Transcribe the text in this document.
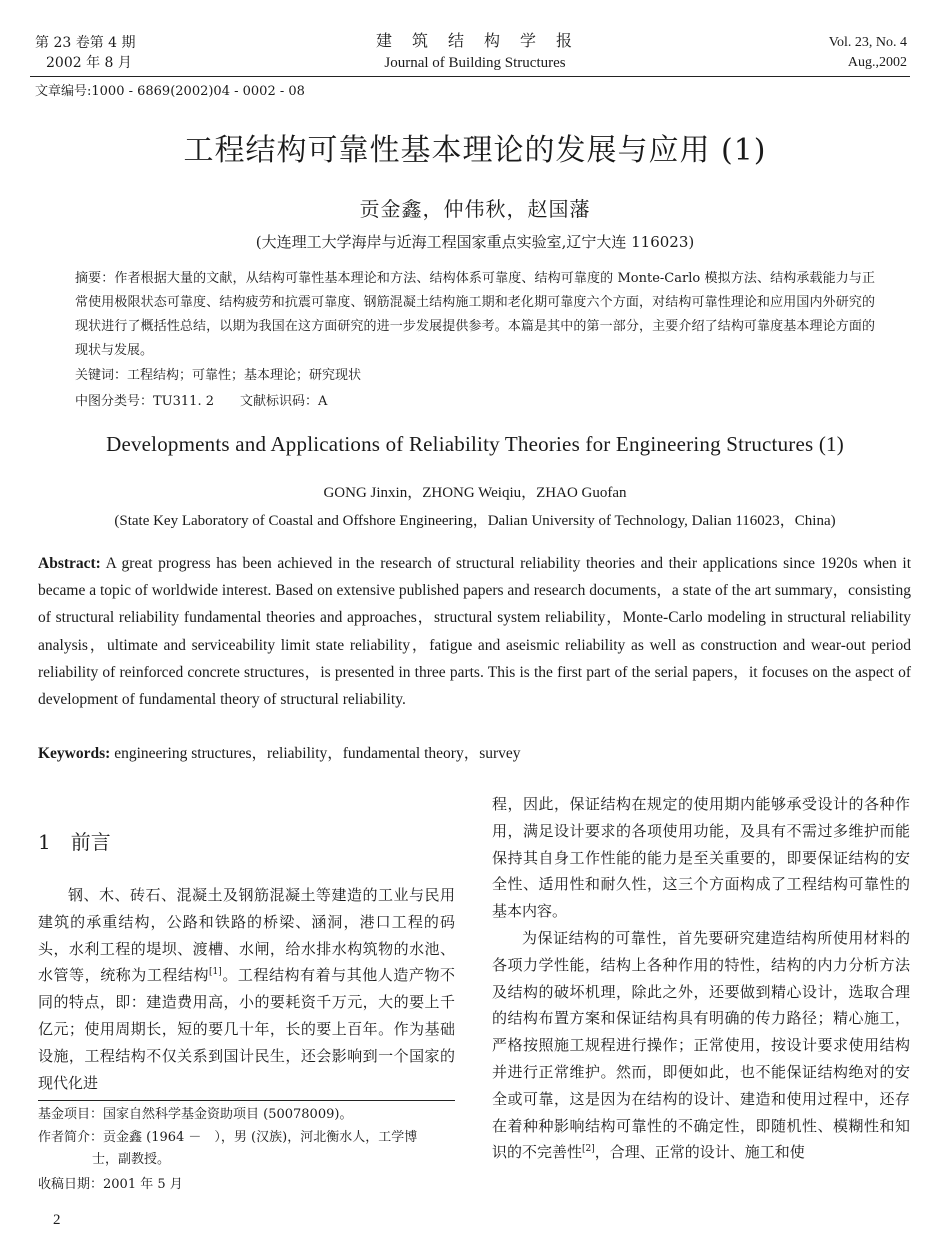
第 23 卷第 4 期
2002 年 8 月
建　筑　结　构　学　报
Journal of Building Structures
Vol. 23, No. 4
Aug.,2002
文章编号:1000 - 6869(2002)04 - 0002 - 08
工程结构可靠性基本理论的发展与应用 (1)
贡金鑫，仲伟秋，赵国藩
(大连理工大学海岸与近海工程国家重点实验室,辽宁大连 116023)
摘要：作者根据大量的文献，从结构可靠性基本理论和方法、结构体系可靠度、结构可靠度的 Monte-Carlo 模拟方法、结构承载能力与正常使用极限状态可靠度、结构疲劳和抗震可靠度、钢筋混凝土结构施工期和老化期可靠度六个方面，对结构可靠性理论和应用国内外研究的现状进行了概括性总结，以期为我国在这方面研究的进一步发展提供参考。本篇是其中的第一部分，主要介绍了结构可靠度基本理论方面的现状与发展。
关键词：工程结构；可靠性；基本理论；研究现状
中图分类号：TU311. 2　　文献标识码：A
Developments and Applications of Reliability Theories for Engineering Structures (1)
GONG Jinxin，ZHONG Weiqiu，ZHAO Guofan
(State Key Laboratory of Coastal and Offshore Engineering，Dalian University of Technology, Dalian 116023，China)
Abstract: A great progress has been achieved in the research of structural reliability theories and their applications since 1920s when it became a topic of worldwide interest. Based on extensive published papers and research documents，a state of the art summary，consisting of structural reliability fundamental theories and approaches，structural system reliability，Monte-Carlo modeling in structural reliability analysis，ultimate and serviceability limit state reliability，fatigue and aseismic reliability as well as construction and wear-out period reliability of reinforced concrete structures，is presented in three parts. This is the first part of the serial papers，it focuses on the aspect of development of fundamental theory of structural reliability.
Keywords: engineering structures，reliability，fundamental theory，survey
1　前言

钢、木、砖石、混凝土及钢筋混凝土等建造的工业与民用建筑的承重结构，公路和铁路的桥梁、涵洞，港口工程的码头，水利工程的堤坝、渡槽、水闸，给水排水构筑物的水池、水管等，统称为工程结构[1]。工程结构有着与其他人造产物不同的特点，即：建造费用高，小的要耗资千万元，大的要上千亿元；使用周期长，短的要几十年，长的要上百年。作为基础设施，工程结构不仅关系到国计民生，还会影响到一个国家的现代化进

基金项目：国家自然科学基金资助项目 (50078009)。
作者简介：贡金鑫 (1964 －　），男 (汉族)，河北衡水人，工学博
士，副教授。
收稿日期：2001 年 5 月
2

程，因此，保证结构在规定的使用期内能够承受设计的各种作用，满足设计要求的各项使用功能，及具有不需过多维护而能保持其自身工作性能的能力是至关重要的，即要保证结构的安全性、适用性和耐久性，这三个方面构成了工程结构可靠性的基本内容。

为保证结构的可靠性，首先要研究建造结构所使用材料的各项力学性能，结构上各种作用的特性，结构的内力分析方法及结构的破坏机理，除此之外，还要做到精心设计，选取合理的结构布置方案和保证结构具有明确的传力路径；精心施工，严格按照施工规程进行操作；正常使用，按设计要求使用结构并进行正常维护。然而，即便如此，也不能保证结构绝对的安全或可靠，这是因为在结构的设计、建造和使用过程中，还存在着种种影响结构可靠性的不确定性，即随机性、模糊性和知识的不完善性[2]，合理、正常的设计、施工和使
